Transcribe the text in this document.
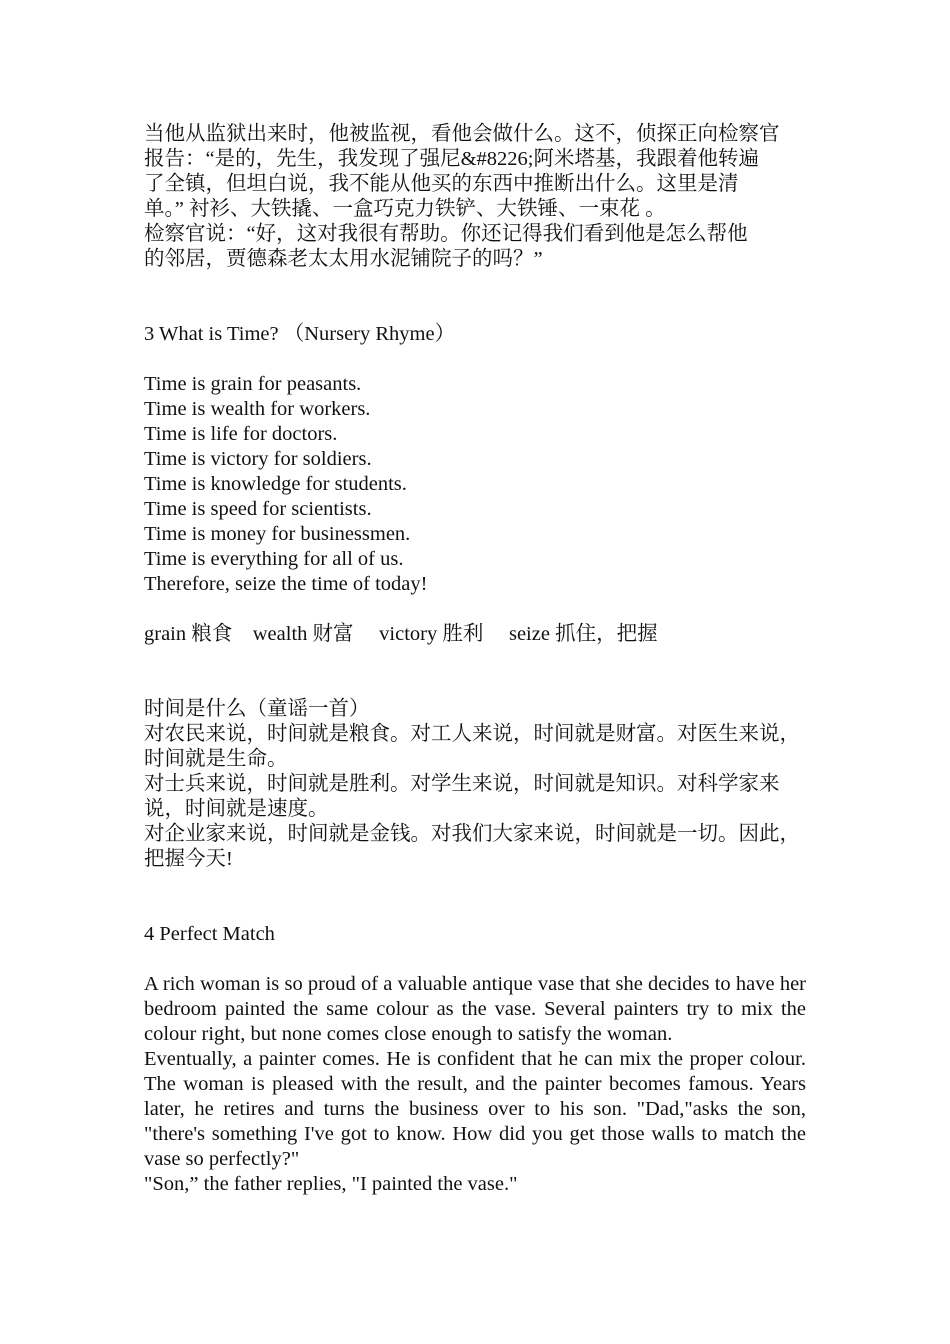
当他从监狱出来时，他被监视，看他会做什么。这不，侦探正向检察官
报告：“是的，先生，我发现了强尼&#8226;阿米塔基，我跟着他转遍
了全镇，但坦白说，我不能从他买的东西中推断出什么。这里是清
单。” 衬衫、大铁撬、一盒巧克力铁铲、大铁锤、一束花 。
检察官说：“好，这对我很有帮助。你还记得我们看到他是怎么帮他
的邻居，贾德森老太太用水泥铺院子的吗？”

3 What is Time? （Nursery Rhyme）

Time is grain for peasants.
Time is wealth for workers.
Time is life for doctors.
Time is victory for soldiers.
Time is knowledge for students.
Time is speed for scientists.
Time is money for businessmen.
Time is everything for all of us.
Therefore, seize the time of today!

grain 粮食 wealth 财富 victory 胜利 seize 抓住，把握

时间是什么（童谣一首）

对农民来说，时间就是粮食。对工人来说，时间就是财富。对医生来说，
时间就是生命。
对士兵来说，时间就是胜利。对学生来说，时间就是知识。对科学家来
说，时间就是速度。
对企业家来说，时间就是金钱。对我们大家来说，时间就是一切。因此，
把握今天!

4 Perfect Match

A rich woman is so proud of a valuable antique vase that she decides to have her bedroom painted the same colour as the vase. Several painters try to mix the colour right, but none comes close enough to satisfy the woman.

Eventually, a painter comes. He is confident that he can mix the proper colour. The woman is pleased with the result, and the painter becomes famous. Years later, he retires and turns the business over to his son. "Dad,"asks the son, "there's something I've got to know. How did you get those walls to match the vase so perfectly?"

"Son,” the father replies, "I painted the vase."
